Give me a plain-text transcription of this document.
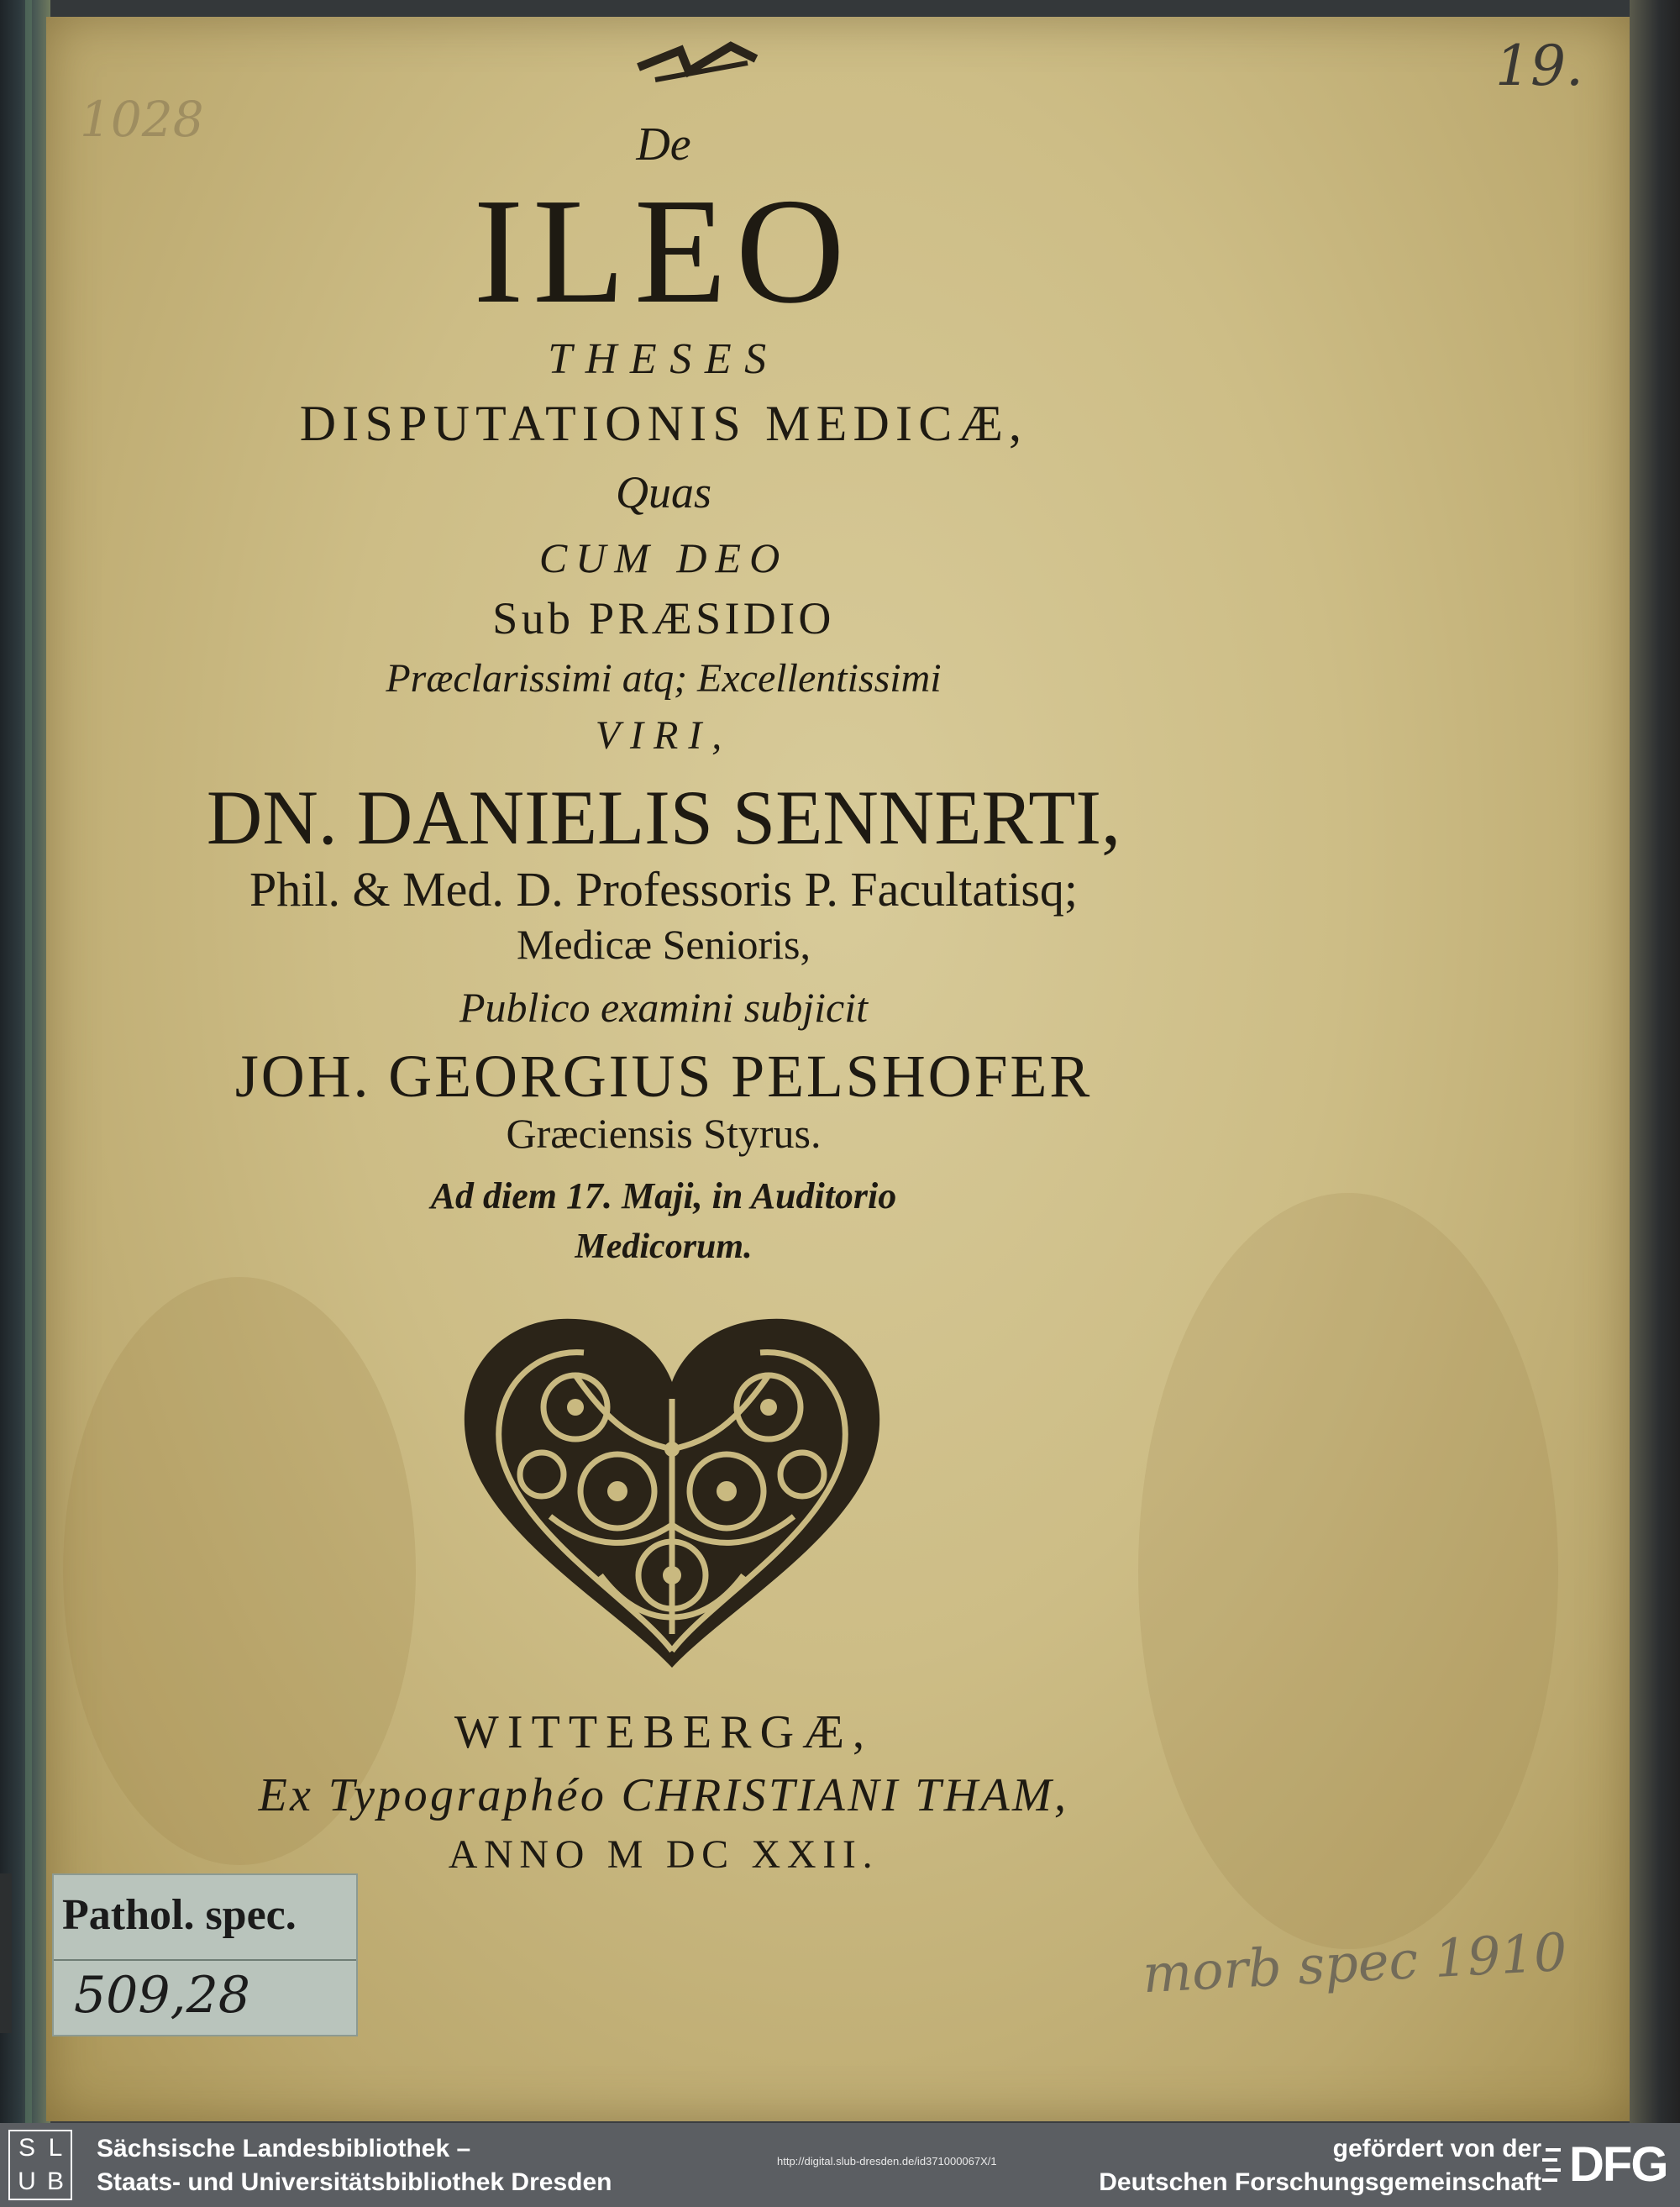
19.
1028
morb spec 1910
De
ILEO
THESES
DISPUTATIONIS MEDICÆ,
Quas
CUM DEO
Sub PRÆSIDIO
Præclarissimi atq; Excellentissimi
VIRI,
DN. DANIELIS SENNERTI,
Phil. & Med. D. Professoris P. Facultatisq;
Medicæ Senioris,
Publico examini subjicit
JOH. GEORGIUS PELSHOFER
Græciensis Styrus.
Ad diem 17. Maji, in Auditorio
Medicorum.
WITTEBERGÆ,
Ex Typographéo CHRISTIANI THAM,
ANNO M DC XXII.
Pathol. spec.
509,28
S L
U B
Sächsische Landesbibliothek –
Staats- und Universitätsbibliothek Dresden
http://digital.slub-dresden.de/id371000067X/1	gefördert von der
Deutschen Forschungsgemeinschaft DFG
